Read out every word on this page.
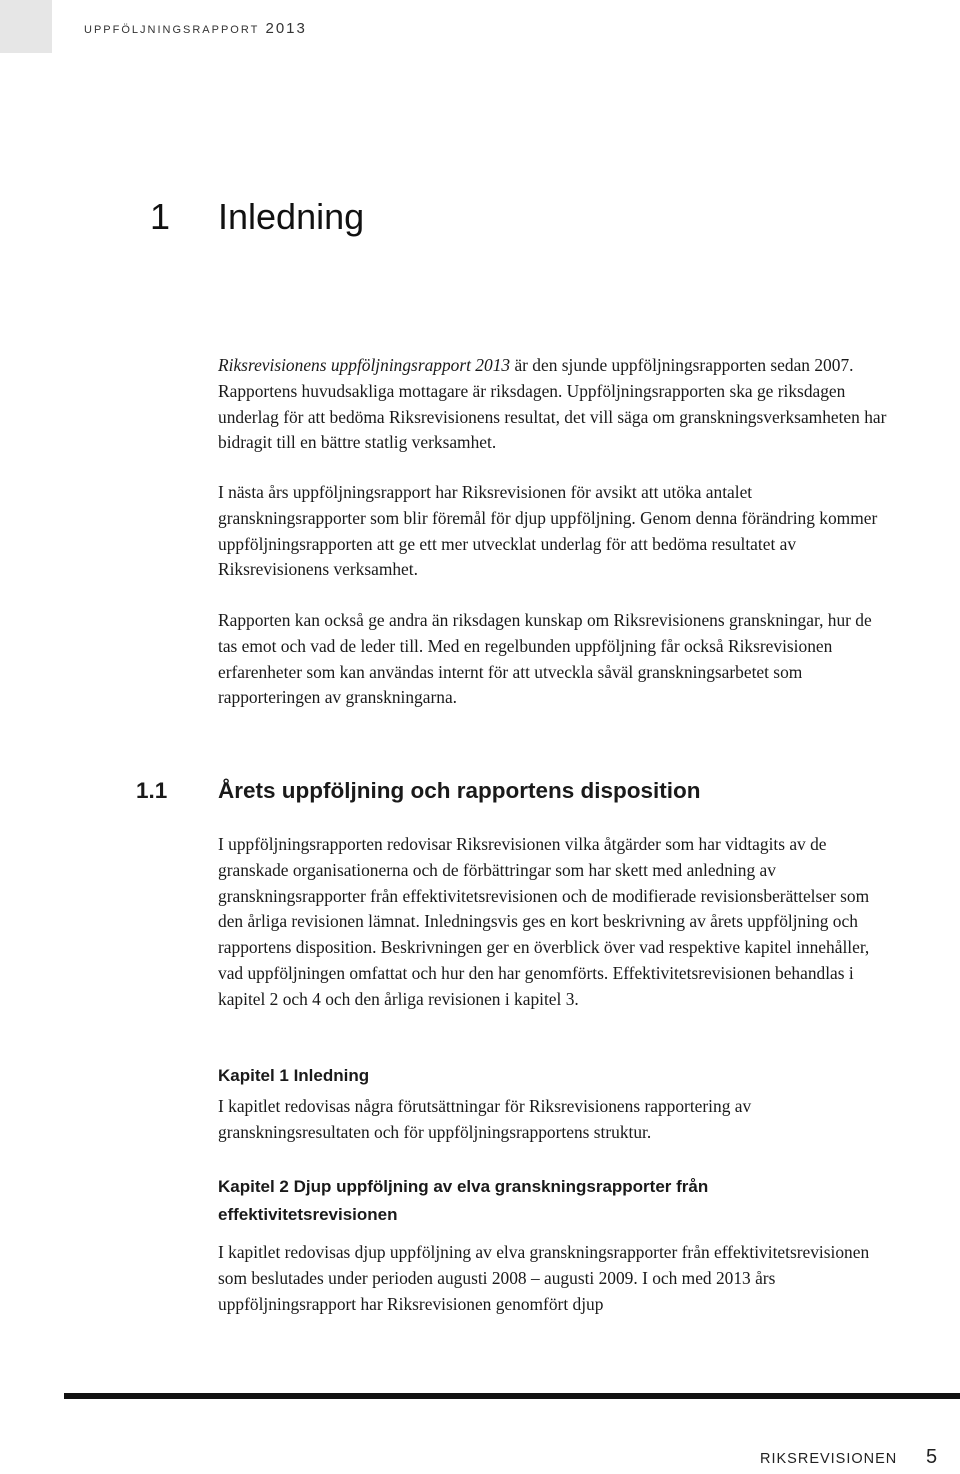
uppföljningsrapport 2013
1 Inledning

Riksrevisionens uppföljningsrapport 2013 är den sjunde uppföljningsrapporten sedan 2007. Rapportens huvudsakliga mottagare är riksdagen. Uppföljningsrapporten ska ge riksdagen underlag för att bedöma Riksrevisionens resultat, det vill säga om granskningsverksamheten har bidragit till en bättre statlig verksamhet.

I nästa års uppföljningsrapport har Riksrevisionen för avsikt att utöka antalet granskningsrapporter som blir föremål för djup uppföljning. Genom denna förändring kommer uppföljningsrapporten att ge ett mer utvecklat underlag för att bedöma resultatet av Riksrevisionens verksamhet.

Rapporten kan också ge andra än riksdagen kunskap om Riksrevisionens granskningar, hur de tas emot och vad de leder till. Med en regelbunden uppföljning får också Riksrevisionen erfarenheter som kan användas internt för att utveckla såväl granskningsarbetet som rapporteringen av granskningarna.

1.1 Årets uppföljning och rapportens disposition

I uppföljningsrapporten redovisar Riksrevisionen vilka åtgärder som har vidtagits av de granskade organisationerna och de förbättringar som har skett med anledning av granskningsrapporter från effektivitetsrevisionen och de modifierade revisionsberättelser som den årliga revisionen lämnat. Inledningsvis ges en kort beskrivning av årets uppföljning och rapportens disposition. Beskrivningen ger en överblick över vad respektive kapitel innehåller, vad uppföljningen omfattat och hur den har genomförts. Effektivitetsrevisionen behandlas i kapitel 2 och 4 och den årliga revisionen i kapitel 3.

Kapitel 1 Inledning

I kapitlet redovisas några förutsättningar för Riksrevisionens rapportering av granskningsresultaten och för uppföljningsrapportens struktur.

Kapitel 2 Djup uppföljning av elva granskningsrapporter från effektivitetsrevisionen

I kapitlet redovisas djup uppföljning av elva granskningsrapporter från effektivitetsrevisionen som beslutades under perioden augusti 2008 – augusti 2009. I och med 2013 års uppföljningsrapport har Riksrevisionen genomfört djup

RIKSREVISIONEN 5
